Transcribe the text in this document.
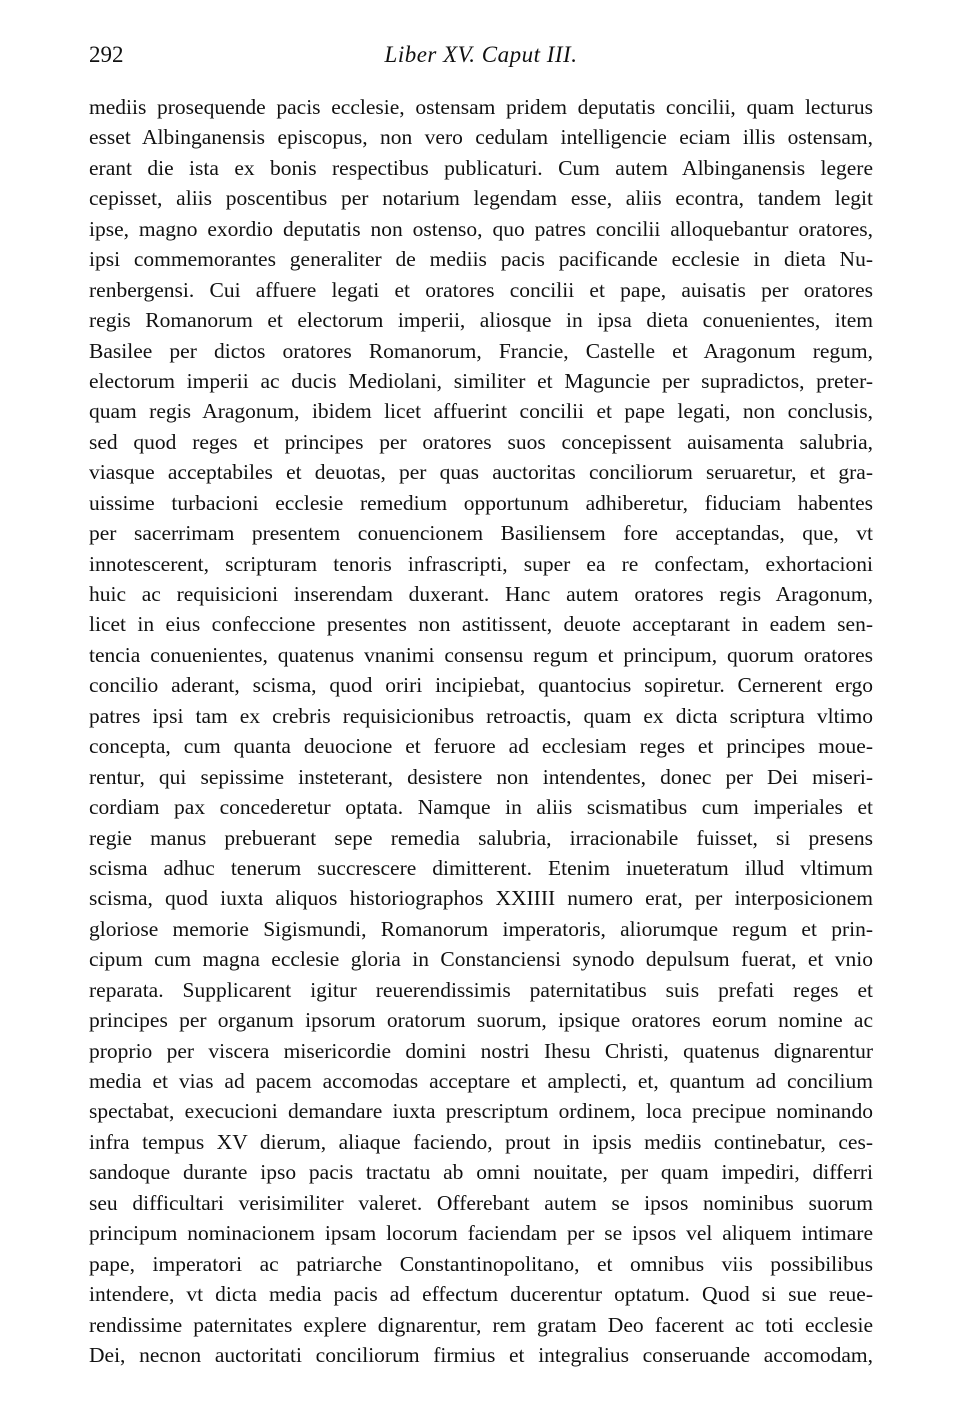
292	Liber XV. Caput III.
mediis prosequende pacis ecclesie, ostensam pridem deputatis concilii, quam lecturus
esset Albinganensis episcopus, non vero cedulam intelligencie eciam illis ostensam,
erant die ista ex bonis respectibus publicaturi. Cum autem Albinganensis legere
cepisset, aliis poscentibus per notarium legendam esse, aliis econtra, tandem legit
ipse, magno exordio deputatis non ostenso, quo patres concilii alloquebantur oratores,
ipsi commemorantes generaliter de mediis pacis pacificande ecclesie in dieta Nu-
renbergensi. Cui affuere legati et oratores concilii et pape, auisatis per oratores
regis Romanorum et electorum imperii, aliosque in ipsa dieta conuenientes, item
Basilee per dictos oratores Romanorum, Francie, Castelle et Aragonum regum,
electorum imperii ac ducis Mediolani, similiter et Maguncie per supradictos, preter-
quam regis Aragonum, ibidem licet affuerint concilii et pape legati, non conclusis,
sed quod reges et principes per oratores suos concepissent auisamenta salubria,
viasque acceptabiles et deuotas, per quas auctoritas conciliorum seruaretur, et gra-
uissime turbacioni ecclesie remedium opportunum adhiberetur, fiduciam habentes
per sacerrimam presentem conuencionem Basiliensem fore acceptandas, que, vt
innotescerent, scripturam tenoris infrascripti, super ea re confectam, exhortacioni
huic ac requisicioni inserendam duxerant. Hanc autem oratores regis Aragonum,
licet in eius confeccione presentes non astitissent, deuote acceptarant in eadem sen-
tencia conuenientes, quatenus vnanimi consensu regum et principum, quorum oratores
concilio aderant, scisma, quod oriri incipiebat, quantocius sopiretur. Cernerent ergo
patres ipsi tam ex crebris requisicionibus retroactis, quam ex dicta scriptura vltimo
concepta, cum quanta deuocione et feruore ad ecclesiam reges et principes moue-
rentur, qui sepissime insteterant, desistere non intendentes, donec per Dei miseri-
cordiam pax concederetur optata. Namque in aliis scismatibus cum imperiales et
regie manus prebuerant sepe remedia salubria, irracionabile fuisset, si presens
scisma adhuc tenerum succrescere dimitterent. Etenim inueteratum illud vltimum
scisma, quod iuxta aliquos historiographos XXIIII numero erat, per interposicionem
gloriose memorie Sigismundi, Romanorum imperatoris, aliorumque regum et prin-
cipum cum magna ecclesie gloria in Constanciensi synodo depulsum fuerat, et vnio
reparata. Supplicarent igitur reuerendissimis paternitatibus suis prefati reges et
principes per organum ipsorum oratorum suorum, ipsique oratores eorum nomine ac
proprio per viscera misericordie domini nostri Ihesu Christi, quatenus dignarentur
media et vias ad pacem accomodas acceptare et amplecti, et, quantum ad concilium
spectabat, execucioni demandare iuxta prescriptum ordinem, loca precipue nominando
infra tempus XV dierum, aliaque faciendo, prout in ipsis mediis continebatur, ces-
sandoque durante ipso pacis tractatu ab omni nouitate, per quam impediri, differri
seu difficultari verisimiliter valeret. Offerebant autem se ipsos nominibus suorum
principum nominacionem ipsam locorum faciendam per se ipsos vel aliquem intimare
pape, imperatori ac patriarche Constantinopolitano, et omnibus viis possibilibus
intendere, vt dicta media pacis ad effectum ducerentur optatum. Quod si sue reue-
rendissime paternitates explere dignarentur, rem gratam Deo facerent ac toti ecclesie
Dei, necnon auctoritati conciliorum firmius et integralius conseruande accomodam,
